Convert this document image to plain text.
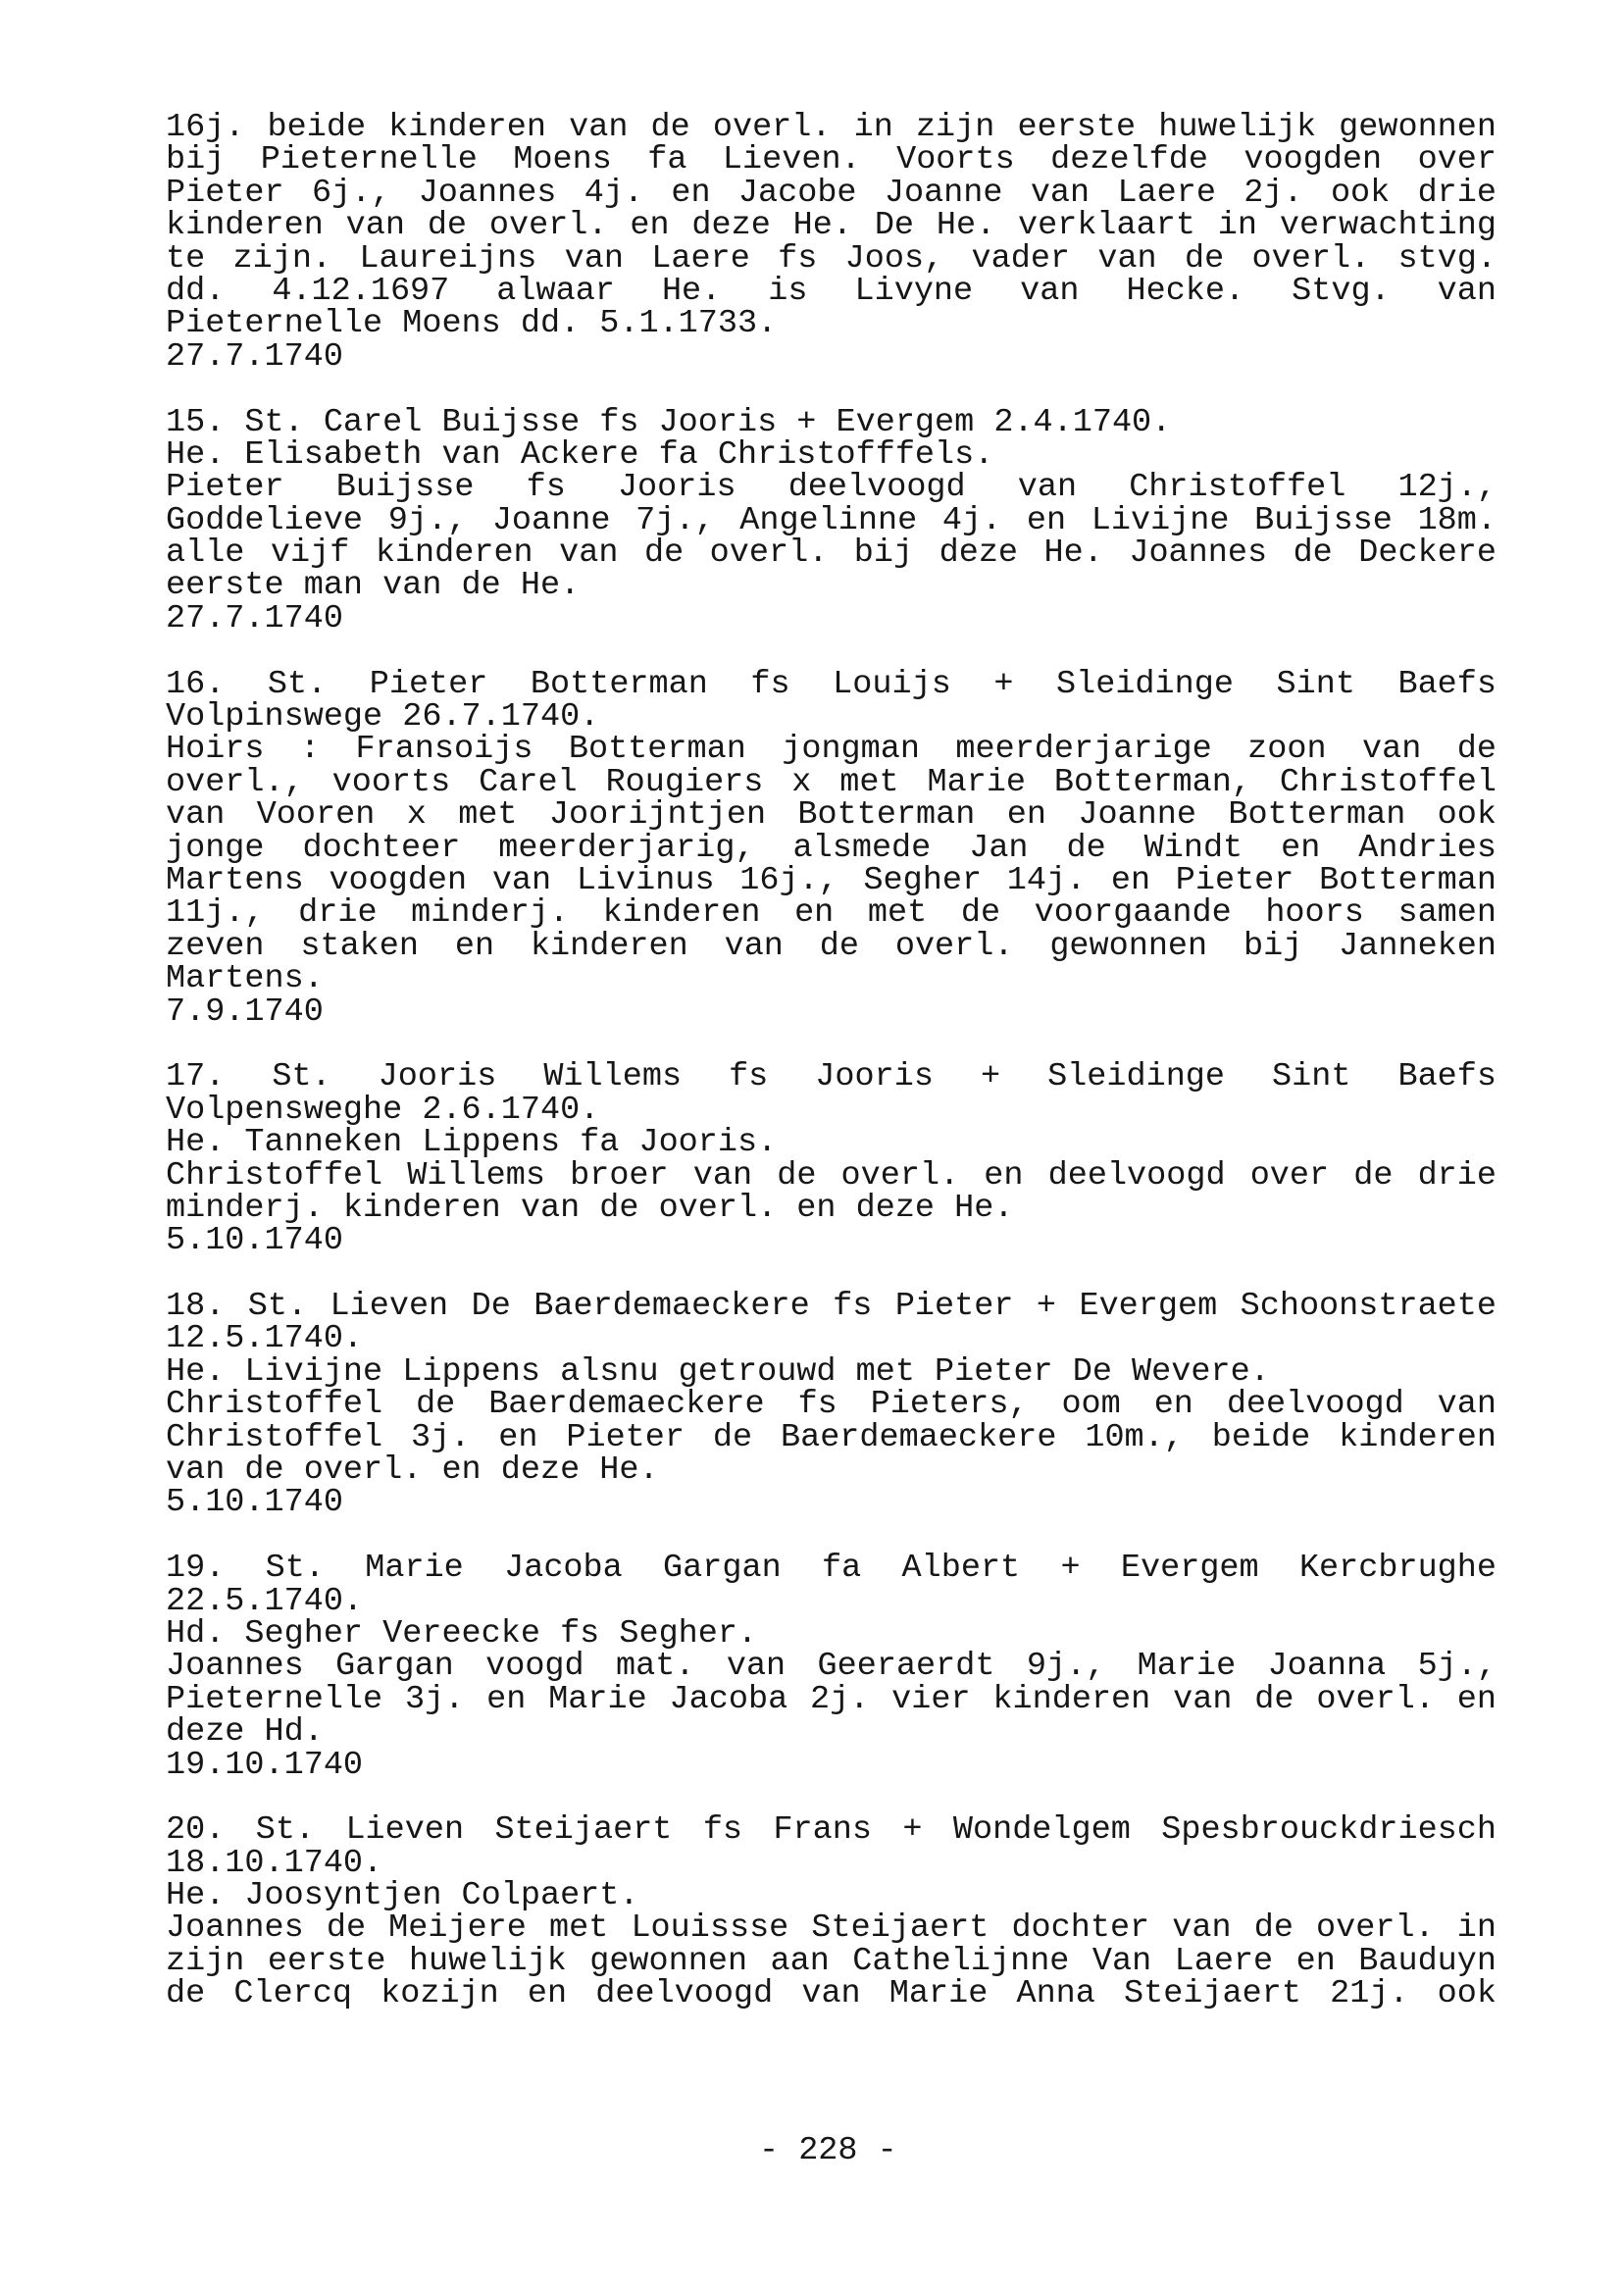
16j. beide kinderen van de overl. in zijn eerste huwelijk gewonnen
bij Pieternelle Moens fa Lieven. Voorts dezelfde voogden over
Pieter 6j., Joannes 4j. en Jacobe Joanne van Laere 2j. ook drie
kinderen van de overl. en deze He. De He. verklaart in verwachting
te zijn. Laureijns van Laere fs Joos, vader van de overl. stvg.
dd. 4.12.1697 alwaar He. is Livyne van Hecke. Stvg. van
Pieternelle Moens dd. 5.1.1733.
27.7.1740
15. St. Carel Buijsse fs Jooris + Evergem 2.4.1740.
He. Elisabeth van Ackere fa Christofffels.
Pieter Buijsse fs Jooris deelvoogd van Christoffel 12j.,
Goddelieve 9j., Joanne 7j., Angelinne 4j. en Livijne Buijsse 18m.
alle vijf kinderen van de overl. bij deze He. Joannes de Deckere
eerste man van de He.
27.7.1740
16. St. Pieter Botterman fs Louijs + Sleidinge Sint Baefs
Volpinswege 26.7.1740.
Hoirs : Fransoijs Botterman jongman meerderjarige zoon van de
overl., voorts Carel Rougiers x met Marie Botterman, Christoffel
van Vooren x met Joorijntjen Botterman en Joanne Botterman ook
jonge dochteer meerderjarig, alsmede Jan de Windt en Andries
Martens voogden van Livinus 16j., Segher 14j. en Pieter Botterman
11j., drie minderj. kinderen en met de voorgaande hoors samen
zeven staken en kinderen van de overl. gewonnen bij Janneken
Martens.
7.9.1740
17. St. Jooris Willems fs Jooris + Sleidinge Sint Baefs
Volpensweghe 2.6.1740.
He. Tanneken Lippens fa Jooris.
Christoffel Willems broer van de overl. en deelvoogd over de drie
minderj. kinderen van de overl. en deze He.
5.10.1740
18. St. Lieven De Baerdemaeckere fs Pieter + Evergem Schoonstraete
12.5.1740.
He. Livijne Lippens alsnu getrouwd met Pieter De Wevere.
Christoffel de Baerdemaeckere fs Pieters, oom en deelvoogd van
Christoffel 3j. en Pieter de Baerdemaeckere 10m., beide kinderen
van de overl. en deze He.
5.10.1740
19. St. Marie Jacoba Gargan fa Albert + Evergem Kercbrughe
22.5.1740.
Hd. Segher Vereecke fs Segher.
Joannes Gargan voogd mat. van Geeraerdt 9j., Marie Joanna 5j.,
Pieternelle 3j. en Marie Jacoba 2j. vier kinderen van de overl. en
deze Hd.
19.10.1740
20. St. Lieven Steijaert fs Frans + Wondelgem Spesbrouckdriesch
18.10.1740.
He. Joosyntjen Colpaert.
Joannes de Meijere met Louissse Steijaert dochter van de overl. in
zijn eerste huwelijk gewonnen aan Cathelijnne Van Laere en Bauduyn
de Clercq kozijn en deelvoogd van Marie Anna Steijaert 21j. ook
- 228 -
